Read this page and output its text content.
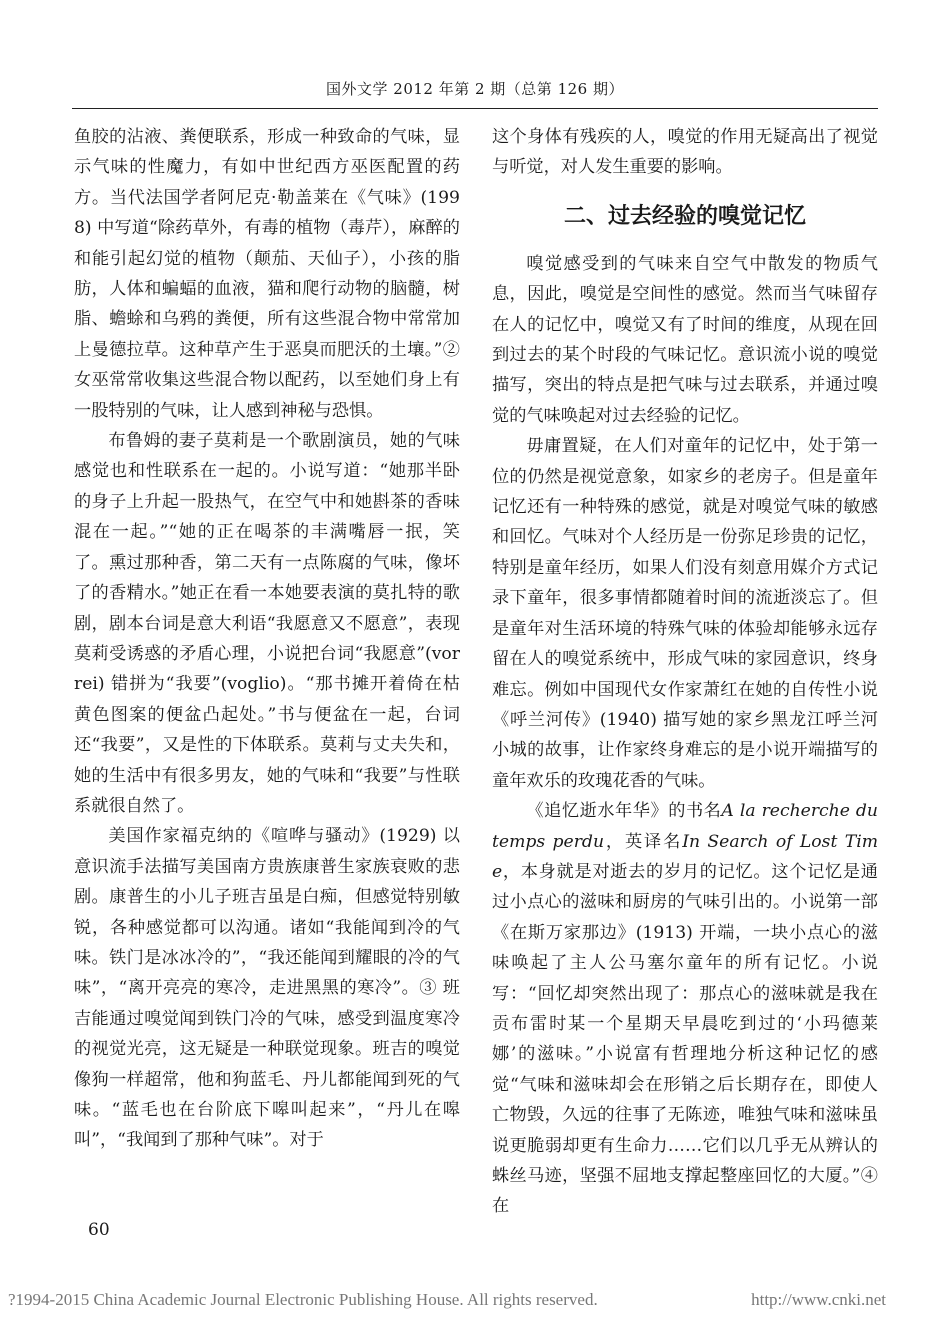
国外文学 2012 年第 2 期（总第 126 期）

鱼胶的沾液、粪便联系，形成一种致命的气味，显示气味的性魔力，有如中世纪西方巫医配置的药方。当代法国学者阿尼克·勒盖莱在《气味》(1998) 中写道“除药草外，有毒的植物（毒芹），麻醉的和能引起幻觉的植物（颠茄、天仙子），小孩的脂肪，人体和蝙蝠的血液，猫和爬行动物的脑髓，树脂、蟾蜍和乌鸦的粪便，所有这些混合物中常常加上曼德拉草。这种草产生于恶臭而肥沃的土壤。”② 女巫常常收集这些混合物以配药，以至她们身上有一股特别的气味，让人感到神秘与恐惧。

布鲁姆的妻子莫莉是一个歌剧演员，她的气味感觉也和性联系在一起的。小说写道：“她那半卧的身子上升起一股热气，在空气中和她斟茶的香味混在一起。”“她的正在喝茶的丰满嘴唇一抿，笑了。熏过那种香，第二天有一点陈腐的气味，像坏了的香精水。”她正在看一本她要表演的莫扎特的歌剧，剧本台词是意大利语“我愿意又不愿意”，表现莫莉受诱惑的矛盾心理，小说把台词“我愿意”(vorrei) 错拼为“我要”(voglio)。“那书摊开着倚在枯黄色图案的便盆凸起处。”书与便盆在一起，台词还“我要”，又是性的下体联系。莫莉与丈夫失和，她的生活中有很多男友，她的气味和“我要”与性联系就很自然了。

美国作家福克纳的《喧哗与骚动》(1929) 以意识流手法描写美国南方贵族康普生家族衰败的悲剧。康普生的小儿子班吉虽是白痴，但感觉特别敏锐，各种感觉都可以沟通。诸如“我能闻到冷的气味。铁门是冰冰冷的”，“我还能闻到耀眼的冷的气味”，“离开亮亮的寒冷，走进黑黑的寒冷”。③ 班吉能通过嗅觉闻到铁门冷的气味，感受到温度寒冷的视觉光亮，这无疑是一种联觉现象。班吉的嗅觉像狗一样超常，他和狗蓝毛、丹儿都能闻到死的气味。“蓝毛也在台阶底下嗥叫起来”，“丹儿在嗥叫”，“我闻到了那种气味”。对于

这个身体有残疾的人，嗅觉的作用无疑高出了视觉与听觉，对人发生重要的影响。

二、过去经验的嗅觉记忆

嗅觉感受到的气味来自空气中散发的物质气息，因此，嗅觉是空间性的感觉。然而当气味留存在人的记忆中，嗅觉又有了时间的维度，从现在回到过去的某个时段的气味记忆。意识流小说的嗅觉描写，突出的特点是把气味与过去联系，并通过嗅觉的气味唤起对过去经验的记忆。

毋庸置疑，在人们对童年的记忆中，处于第一位的仍然是视觉意象，如家乡的老房子。但是童年记忆还有一种特殊的感觉，就是对嗅觉气味的敏感和回忆。气味对个人经历是一份弥足珍贵的记忆，特别是童年经历，如果人们没有刻意用媒介方式记录下童年，很多事情都随着时间的流逝淡忘了。但是童年对生活环境的特殊气味的体验却能够永远存留在人的嗅觉系统中，形成气味的家园意识，终身难忘。例如中国现代女作家萧红在她的自传性小说《呼兰河传》(1940) 描写她的家乡黑龙江呼兰河小城的故事，让作家终身难忘的是小说开端描写的童年欢乐的玫瑰花香的气味。

《追忆逝水年华》的书名A la recherche du temps perdu，英译名In Search of Lost Time，本身就是对逝去的岁月的记忆。这个记忆是通过小点心的滋味和厨房的气味引出的。小说第一部《在斯万家那边》(1913) 开端，一块小点心的滋味唤起了主人公马塞尔童年的所有记忆。小说写：“回忆却突然出现了：那点心的滋味就是我在贡布雷时某一个星期天早晨吃到过的‘小玛德莱娜’的滋味。”小说富有哲理地分析这种记忆的感觉“气味和滋味却会在形销之后长期存在，即使人亡物毁，久远的往事了无陈迹，唯独气味和滋味虽说更脆弱却更有生命力……它们以几乎无从辨认的蛛丝马迹，坚强不屈地支撑起整座回忆的大厦。”④ 在

60
?1994-2015 China Academic Journal Electronic Publishing House. All rights reserved.	http://www.cnki.net
